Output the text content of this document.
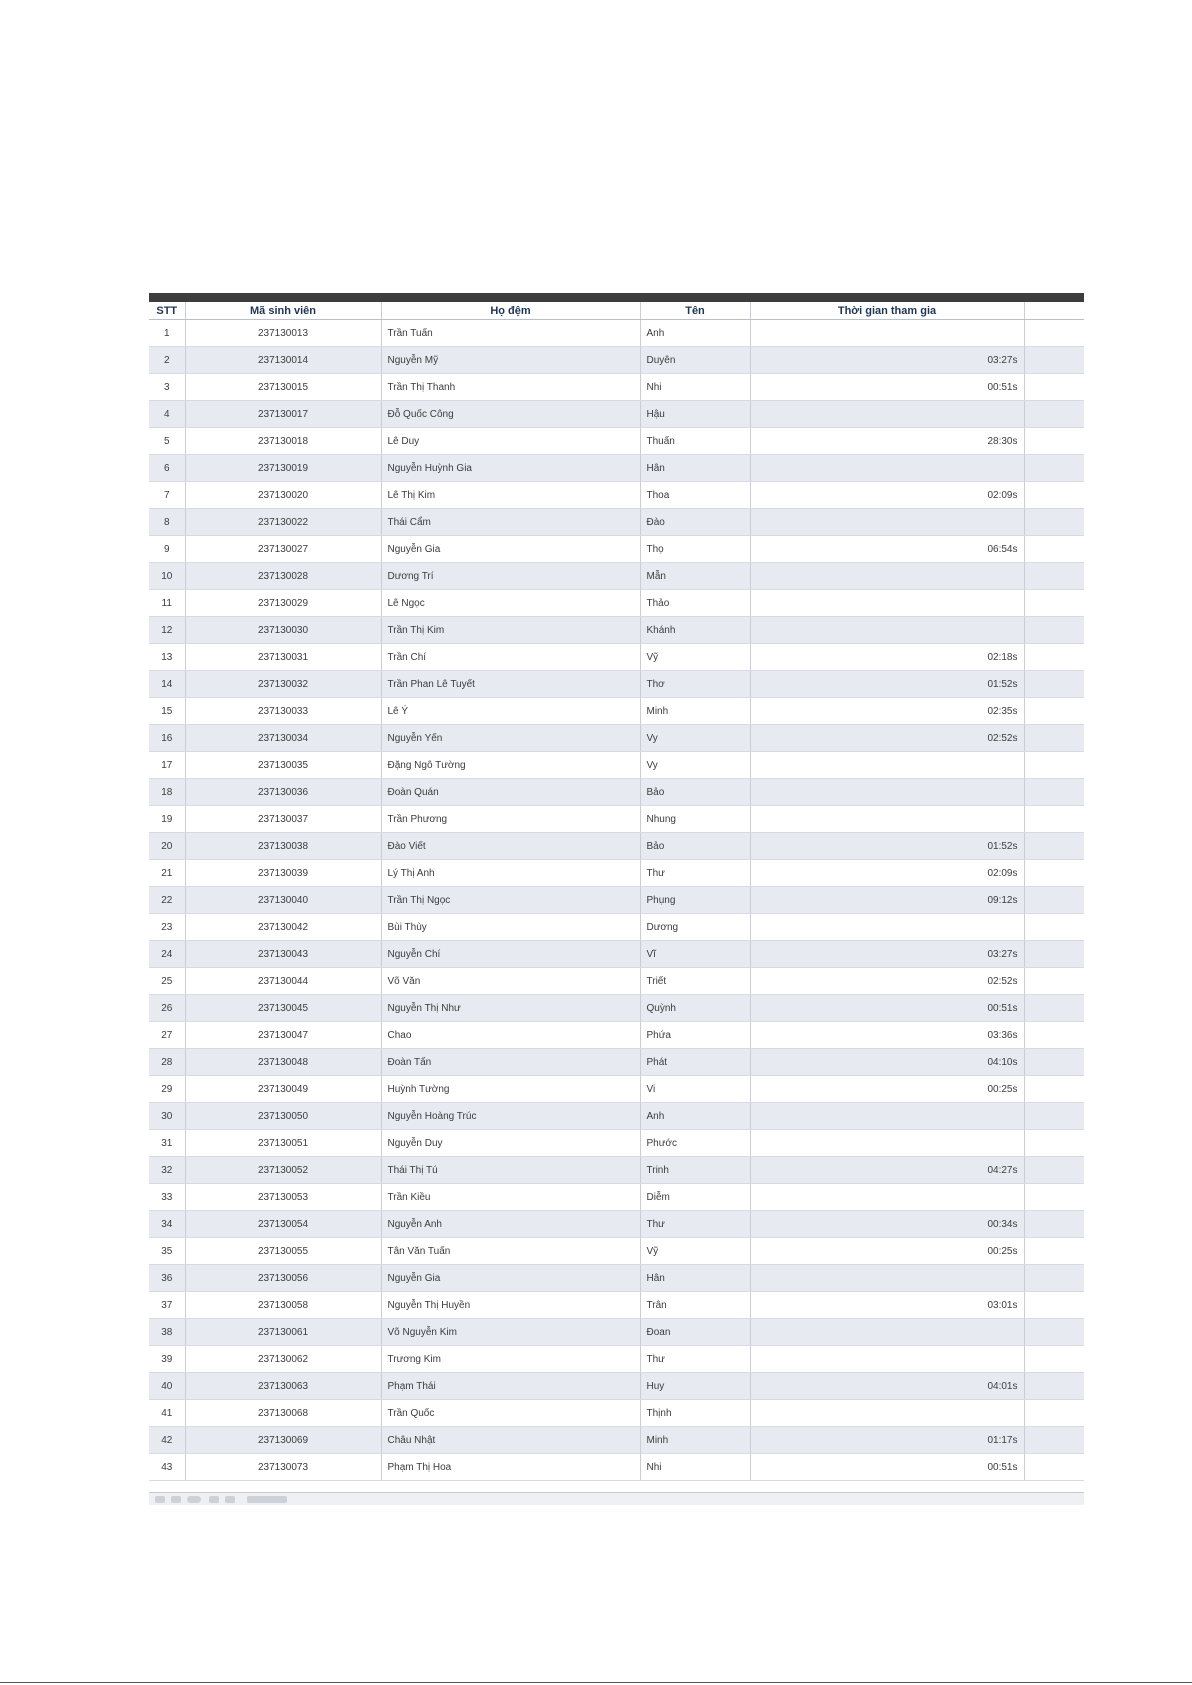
STT	Mã sinh viên	Họ đệm	Tên	Thời gian tham gia	
1	237130013	Trần Tuấn	Anh		
2	237130014	Nguyễn Mỹ	Duyên	03:27s	
3	237130015	Trần Thị Thanh	Nhi	00:51s	
4	237130017	Đỗ Quốc Công	Hậu		
5	237130018	Lê Duy	Thuấn	28:30s	
6	237130019	Nguyễn Huỳnh Gia	Hân		
7	237130020	Lê Thị Kim	Thoa	02:09s	
8	237130022	Thái Cẩm	Đào		
9	237130027	Nguyễn Gia	Thọ	06:54s	
10	237130028	Dương Trí	Mẫn		
11	237130029	Lê Ngọc	Thảo		
12	237130030	Trần Thị Kim	Khánh		
13	237130031	Trần Chí	Vỹ	02:18s	
14	237130032	Trần Phan Lê Tuyết	Thơ	01:52s	
15	237130033	Lê Ý	Minh	02:35s	
16	237130034	Nguyễn Yến	Vy	02:52s	
17	237130035	Đặng Ngô Tường	Vy		
18	237130036	Đoàn Quán	Bảo		
19	237130037	Trần Phương	Nhung		
20	237130038	Đào Viết	Bảo	01:52s	
21	237130039	Lý Thị Anh	Thư	02:09s	
22	237130040	Trần Thị Ngọc	Phụng	09:12s	
23	237130042	Bùi Thùy	Dương		
24	237130043	Nguyễn Chí	Vĩ	03:27s	
25	237130044	Võ Văn	Triết	02:52s	
26	237130045	Nguyễn Thị Như	Quỳnh	00:51s	
27	237130047	Chao	Phứa	03:36s	
28	237130048	Đoàn Tấn	Phát	04:10s	
29	237130049	Huỳnh Tường	Vi	00:25s	
30	237130050	Nguyễn Hoàng Trúc	Anh		
31	237130051	Nguyễn Duy	Phước		
32	237130052	Thái Thị Tú	Trinh	04:27s	
33	237130053	Trần Kiều	Diễm		
34	237130054	Nguyễn Anh	Thư	00:34s	
35	237130055	Tân Văn Tuấn	Vỹ	00:25s	
36	237130056	Nguyễn Gia	Hân		
37	237130058	Nguyễn Thị Huyền	Trân	03:01s	
38	237130061	Võ Nguyễn Kim	Đoan		
39	237130062	Trương Kim	Thư		
40	237130063	Phạm Thái	Huy	04:01s	
41	237130068	Trần Quốc	Thịnh		
42	237130069	Châu Nhật	Minh	01:17s	
43	237130073	Phạm Thị Hoa	Nhi	00:51s	
